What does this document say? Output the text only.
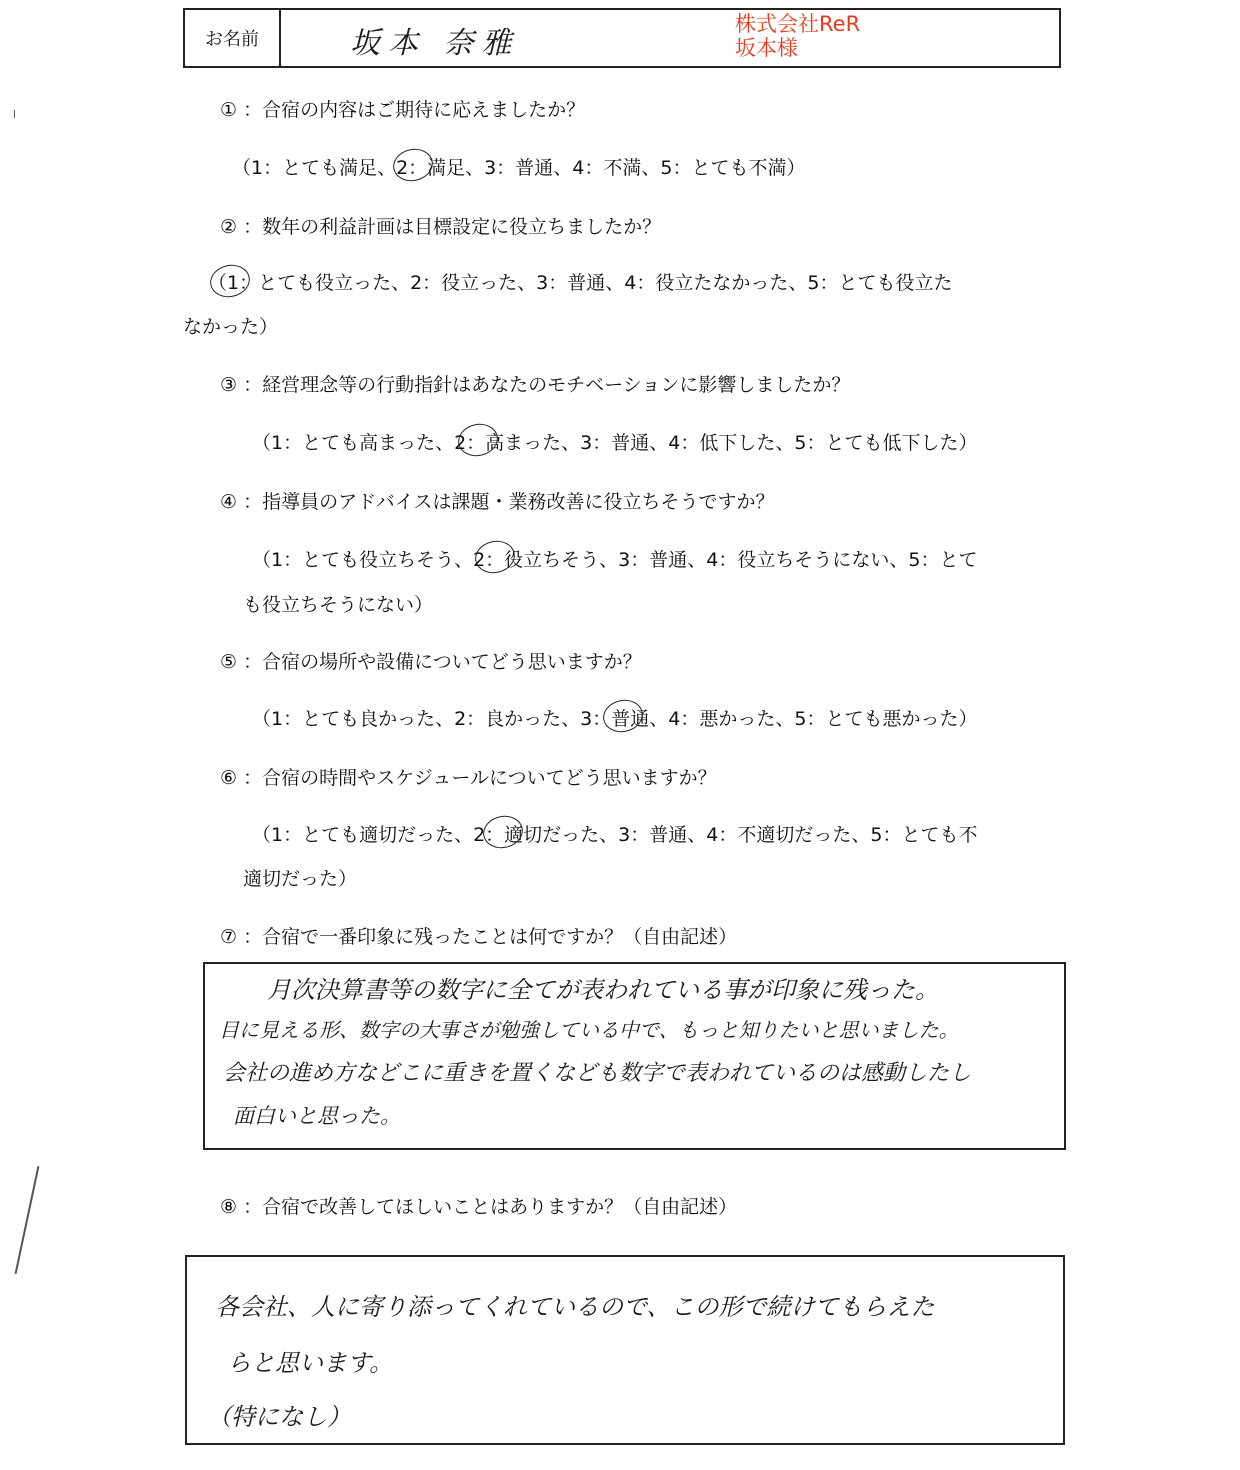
お名前	坂本 奈雅
株式会社ReR
坂本様
① ：合宿の内容はご期待に応えましたか？
（1：とても満足、2：満足、3：普通、4：不満、5：とても不満）
② ：数年の利益計画は目標設定に役立ちましたか？
（1：とても役立った、2：役立った、3：普通、4：役立たなかった、5：とても役立た
なかった）
③ ：経営理念等の行動指針はあなたのモチベーションに影響しましたか？
（1：とても高まった、2：高まった、3：普通、4：低下した、5：とても低下した）
④ ：指導員のアドバイスは課題・業務改善に役立ちそうですか？
（1：とても役立ちそう、2：役立ちそう、3：普通、4：役立ちそうにない、5：とて
も役立ちそうにない）
⑤ ：合宿の場所や設備についてどう思いますか？
（1：とても良かった、2：良かった、3：普通、4：悪かった、5：とても悪かった）
⑥ ：合宿の時間やスケジュールについてどう思いますか？
（1：とても適切だった、2：適切だった、3：普通、4：不適切だった、5：とても不
適切だった）
⑦ ：合宿で一番印象に残ったことは何ですか？（自由記述）
月次決算書等の数字に全てが表われている事が印象に残った。
目に見える形、数字の大事さが勉強している中で、もっと知りたいと思いました。
会社の進め方などこに重きを置くなども数字で表われているのは感動したし
面白いと思った。
⑧ ：合宿で改善してほしいことはありますか？（自由記述）
各会社、人に寄り添ってくれているので、この形で続けてもらえた
らと思います。
（特になし）
